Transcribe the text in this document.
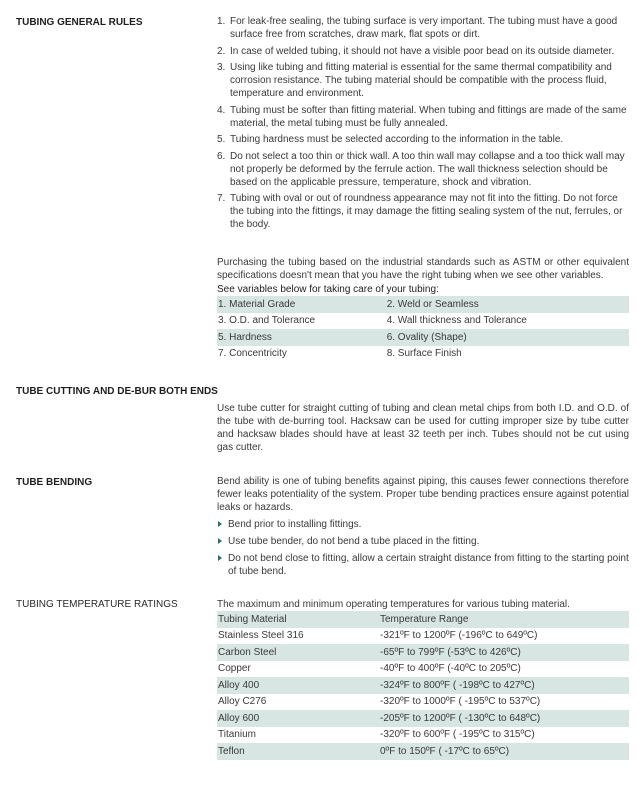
TUBING GENERAL RULES	1. For leak-free sealing, the tubing surface is very important. The tubing must have a good surface free from scratches, draw mark, flat spots or dirt.
2. In case of welded tubing, it should not have a visible poor bead on its outside diameter.
3. Using like tubing and fitting material is essential for the same thermal compatibility and corrosion resistance. The tubing material should be compatible with the process fluid, temperature and environment.
4. Tubing must be softer than fitting material. When tubing and fittings are made of the same material, the metal tubing must be fully annealed.
5. Tubing hardness must be selected according to the information in the table.
6. Do not select a too thin or thick wall. A too thin wall may collapse and a too thick wall may not properly be deformed by the ferrule action. The wall thickness selection should be based on the applicable pressure, temperature, shock and vibration.
7. Tubing with oval or out of roundness appearance may not fit into the fitting. Do not force the tubing into the fittings, it may damage the fitting sealing system of the nut, ferrules, or the body.

Purchasing the tubing based on the industrial standards such as ASTM or other equivalent specifications doesn't mean that you have the right tubing when we see other variables.

See variables below for taking care of your tubing:

1. Material Grade	2. Weld or Seamless
3. O.D. and Tolerance	4. Wall thickness and Tolerance
5. Hardness	6. Ovality (Shape)
7. Concentricity	8. Surface Finish
TUBE CUTTING AND DE-BUR BOTH ENDS

Use tube cutter for straight cutting of tubing and clean metal chips from both I.D. and O.D. of the tube with de-burring tool. Hacksaw can be used for cutting improper size by tube cutter and hacksaw blades should have at least 32 teeth per inch. Tubes should not be cut using gas cutter.

TUBE BENDING	Bend ability is one of tubing benefits against piping, this causes fewer connections therefore fewer leaks potentiality of the system. Proper tube bending practices ensure against potential leaks or hazards.

Bend prior to installing fittings.
Use tube bender, do not bend a tube placed in the fitting.
Do not bend close to fitting, allow a certain straight distance from fitting to the starting point of tube bend.
TUBING TEMPERATURE RATINGS	The maximum and minimum operating temperatures for various tubing material.

Tubing Material	Temperature Range
Stainless Steel 316	-321ºF to 1200ºF (-196ºC to 649ºC)
Carbon Steel	-65ºF to 799ºF (-53ºC to 426ºC)
Copper	-40ºF to 400ºF (-40ºC to 205ºC)
Alloy 400	-324ºF to 800ºF ( -198ºC to 427ºC)
Alloy C276	-320ºF to 1000ºF ( -195ºC to 537ºC)
Alloy 600	-205ºF to 1200ºF ( -130ºC to 648ºC)
Titanium	-320ºF to 600ºF ( -195ºC to 315ºC)
Teflon	0ºF to 150ºF ( -17ºC to 65ºC)
